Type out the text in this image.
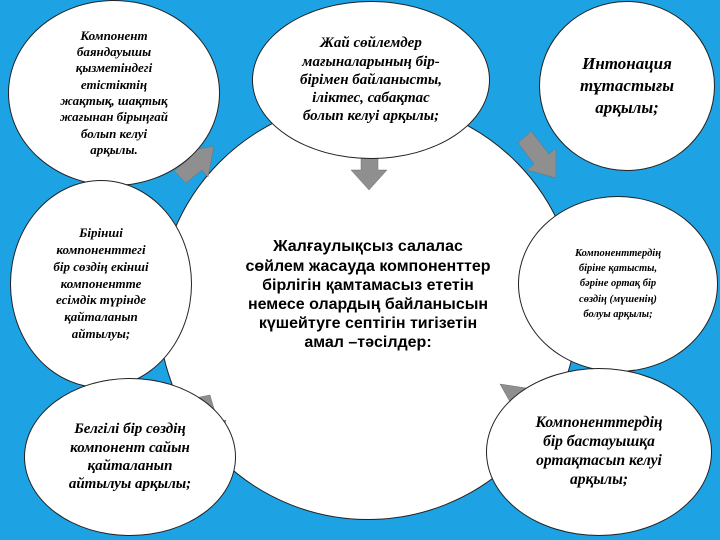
Жалғаулықсыз салалас
сөйлем жасауда компоненттер
бірлігін қамтамасыз ететін
немесе олардың байланысын
күшейтуге септігін тигізетін
амал –тәсілдер:
Компонент
баяндауышы
қызметіндегі
етістіктің
жақтық, шақтық
жағынан бірыңғай
болып келуі
арқылы.
Жай сөйлемдер
мағыналарының бір-
бірімен байланысты,
іліктес, сабақтас
болып келуі арқылы;
Интонация
тұтастығы
арқылы;
Бірінші
компоненттегі
бір сөздің екінші
компонентте
есімдік түрінде
қайталанып
айтылуы;
Компоненттердің
біріне қатысты,
бәріне ортақ бір
сөздің (мүшенің)
болуы арқылы;
Белгілі бір сөздің
компонент сайын
қайталанып
айтылуы арқылы;
Компоненттердің
бір бастауышқа
ортақтасып келуі
арқылы;
